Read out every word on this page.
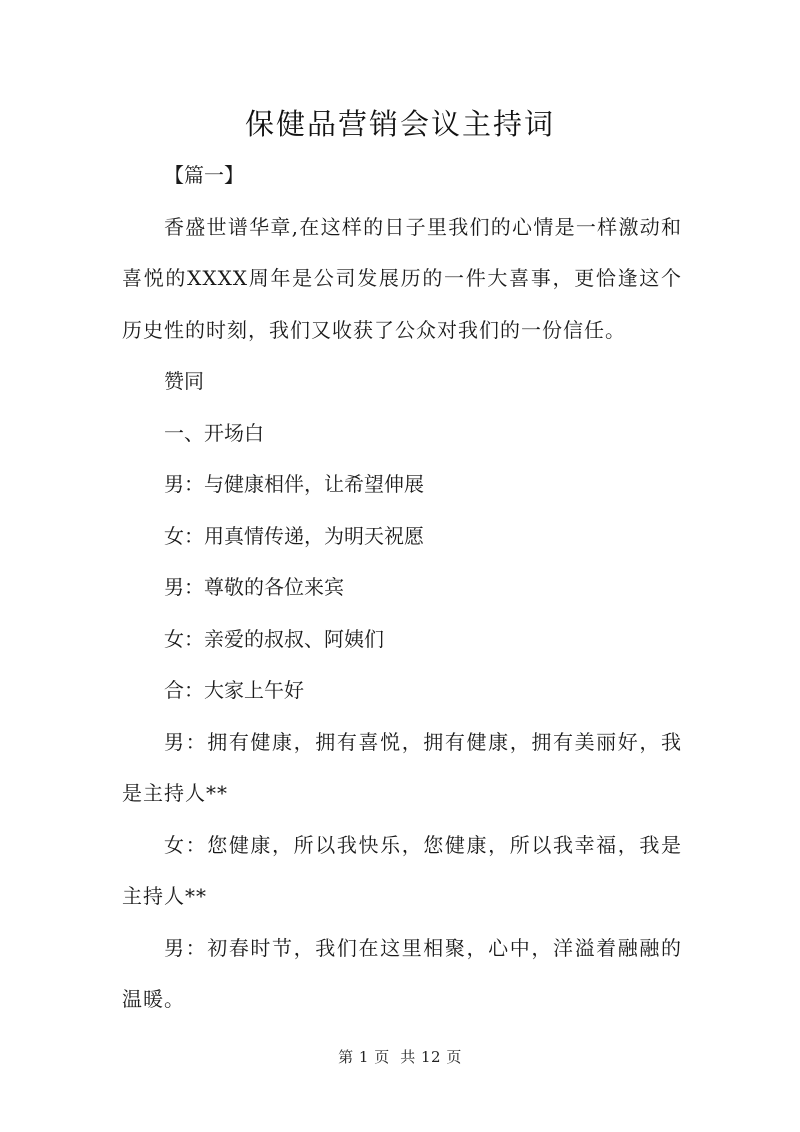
保健品营销会议主持词

【篇一】

香盛世谱华章,在这样的日子里我们的心情是一样激动和喜悦的XXXX周年是公司发展历的一件大喜事，更恰逢这个历史性的时刻，我们又收获了公众对我们的一份信任。

赞同

一、开场白

男：与健康相伴，让希望伸展

女：用真情传递，为明天祝愿

男：尊敬的各位来宾

女：亲爱的叔叔、阿姨们

合：大家上午好

男：拥有健康，拥有喜悦，拥有健康，拥有美丽好，我是主持人**

女：您健康，所以我快乐，您健康，所以我幸福，我是主持人**

男：初春时节，我们在这里相聚，心中，洋溢着融融的温暖。

第 1 页  共 12 页
